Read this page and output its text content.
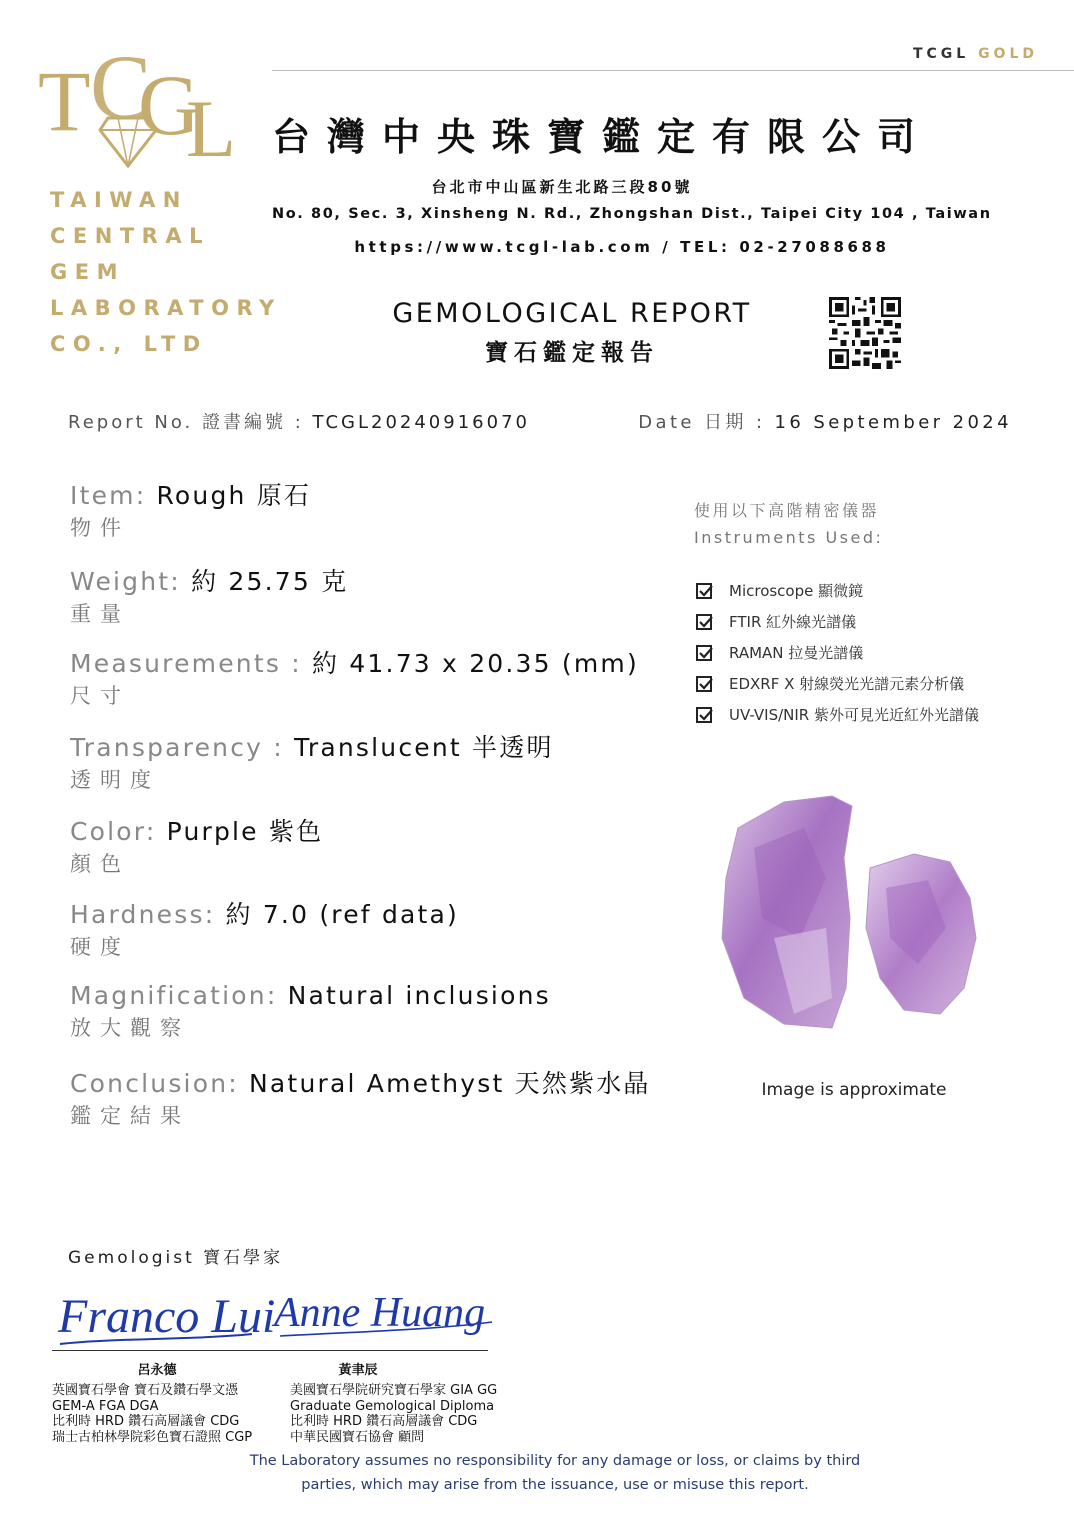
T C
G
L
TAIWAN
CENTRAL
GEM
LABORATORY
CO., LTD
TCGL GOLD
台灣中央珠寶鑑定有限公司
台北市中山區新生北路三段80號
No. 80, Sec. 3, Xinsheng N. Rd., Zhongshan Dist., Taipei City 104 , Taiwan
https://www.tcgl-lab.com / TEL: 02-27088688
GEMOLOGICAL REPORT
寶石鑑定報告
Report No. 證書編號 : TCGL20240916070	Date 日期 : 16 September 2024
Item: Rough 原石
物件
Weight: 約 25.75 克
重量
Measurements : 約 41.73 x 20.35 (mm)
尺寸
Transparency : Translucent 半透明
透明度
Color: Purple 紫色
顏色
Hardness: 約 7.0 (ref data)
硬度
Magnification: Natural inclusions
放大觀察
Conclusion: Natural Amethyst 天然紫水晶
鑑定結果
使用以下高階精密儀器
Instruments Used:
Microscope 顯微鏡
FTIR 紅外線光譜儀
RAMAN 拉曼光譜儀
EDXRF X 射線熒光光譜元素分析儀
UV-VIS/NIR 紫外可見光近紅外光譜儀
Image is approximate
Gemologist 寶石學家
Franco Lui
Anne Huang
呂永德	黃聿辰
英國寶石學會 寶石及鑽石學文憑
GEM-A FGA DGA
比利時 HRD 鑽石高層議會 CDG
瑞士古柏林學院彩色寶石證照 CGP
美國寶石學院研究寶石學家 GIA GG
Graduate Gemological Diploma
比利時 HRD 鑽石高層議會 CDG
中華民國寶石協會 顧問
The Laboratory assumes no responsibility for any damage or loss, or claims by third parties, which may arise from the issuance, use or misuse this report.
